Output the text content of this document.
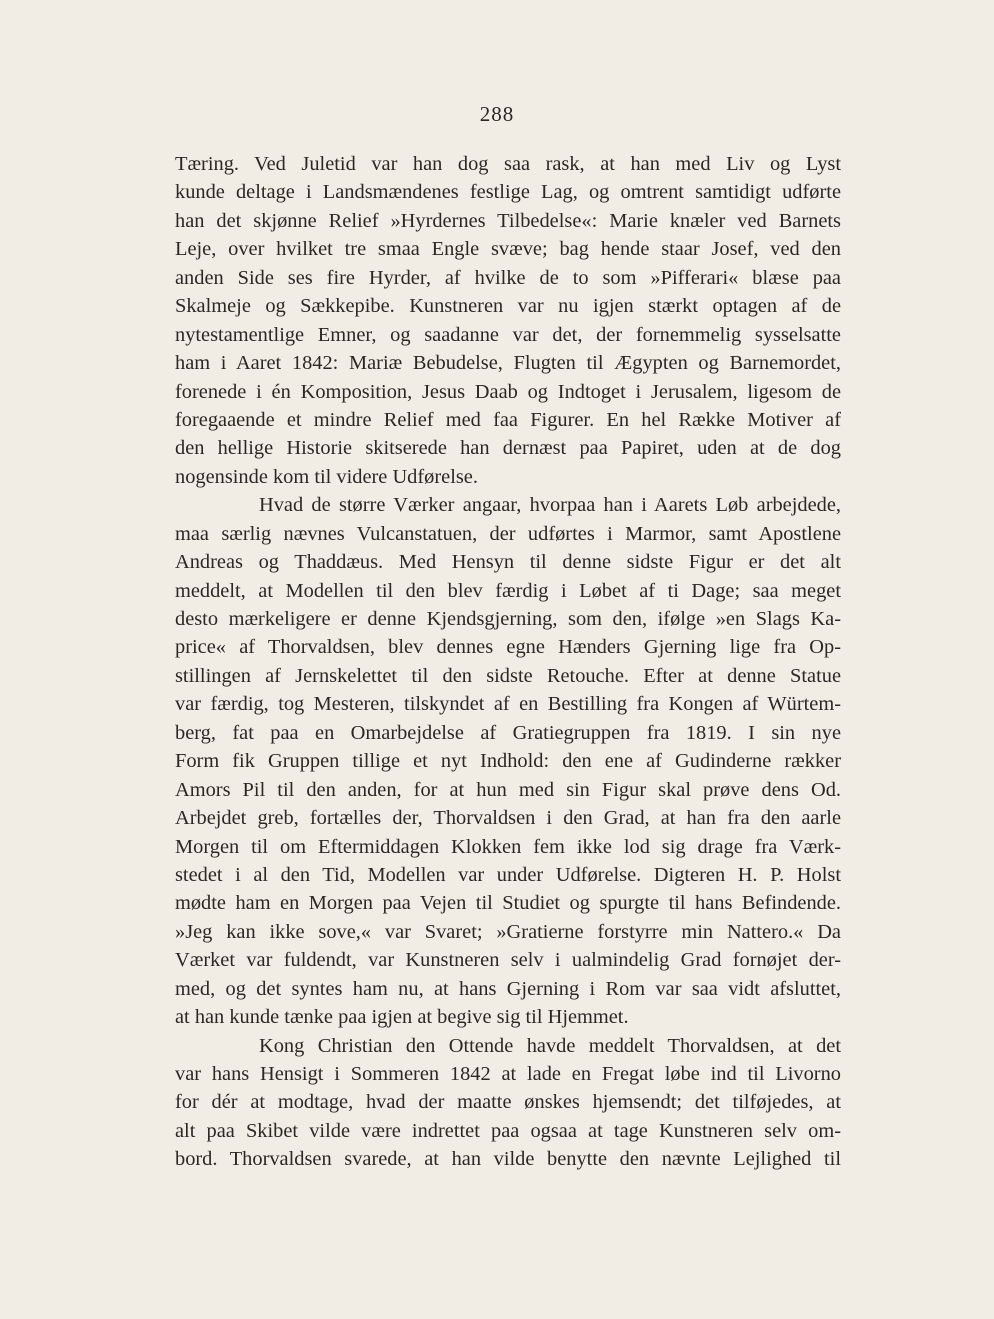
288
Tæring. Ved Juletid var han dog saa rask, at han med Liv og Lyst
kunde deltage i Landsmændenes festlige Lag, og omtrent samtidigt udførte
han det skjønne Relief »Hyrdernes Tilbedelse«: Marie knæler ved Barnets
Leje, over hvilket tre smaa Engle svæve; bag hende staar Josef, ved den
anden Side ses fire Hyrder, af hvilke de to som »Pifferari« blæse paa
Skalmeje og Sækkepibe. Kunstneren var nu igjen stærkt optagen af de
nytestamentlige Emner, og saadanne var det, der fornemmelig sysselsatte
ham i Aaret 1842: Mariæ Bebudelse, Flugten til Ægypten og Barnemordet,
forenede i én Komposition, Jesus Daab og Indtoget i Jerusalem, ligesom de
foregaaende et mindre Relief med faa Figurer. En hel Række Motiver af
den hellige Historie skitserede han dernæst paa Papiret, uden at de dog
nogensinde kom til videre Udførelse.
Hvad de større Værker angaar, hvorpaa han i Aarets Løb arbejdede,
maa særlig nævnes Vulcanstatuen, der udførtes i Marmor, samt Apostlene
Andreas og Thaddæus. Med Hensyn til denne sidste Figur er det alt
meddelt, at Modellen til den blev færdig i Løbet af ti Dage; saa meget
desto mærkeligere er denne Kjendsgjerning, som den, ifølge »en Slags Ka-
price« af Thorvaldsen, blev dennes egne Hænders Gjerning lige fra Op-
stillingen af Jernskelettet til den sidste Retouche. Efter at denne Statue
var færdig, tog Mesteren, tilskyndet af en Bestilling fra Kongen af Würtem-
berg, fat paa en Omarbejdelse af Gratiegruppen fra 1819. I sin nye
Form fik Gruppen tillige et nyt Indhold: den ene af Gudinderne rækker
Amors Pil til den anden, for at hun med sin Figur skal prøve dens Od.
Arbejdet greb, fortælles der, Thorvaldsen i den Grad, at han fra den aarle
Morgen til om Eftermiddagen Klokken fem ikke lod sig drage fra Værk-
stedet i al den Tid, Modellen var under Udførelse. Digteren H. P. Holst
mødte ham en Morgen paa Vejen til Studiet og spurgte til hans Befindende.
»Jeg kan ikke sove,« var Svaret; »Gratierne forstyrre min Nattero.« Da
Værket var fuldendt, var Kunstneren selv i ualmindelig Grad fornøjet der-
med, og det syntes ham nu, at hans Gjerning i Rom var saa vidt afsluttet,
at han kunde tænke paa igjen at begive sig til Hjemmet.
Kong Christian den Ottende havde meddelt Thorvaldsen, at det
var hans Hensigt i Sommeren 1842 at lade en Fregat løbe ind til Livorno
for dér at modtage, hvad der maatte ønskes hjemsendt; det tilføjedes, at
alt paa Skibet vilde være indrettet paa ogsaa at tage Kunstneren selv om-
bord. Thorvaldsen svarede, at han vilde benytte den nævnte Lejlighed til
